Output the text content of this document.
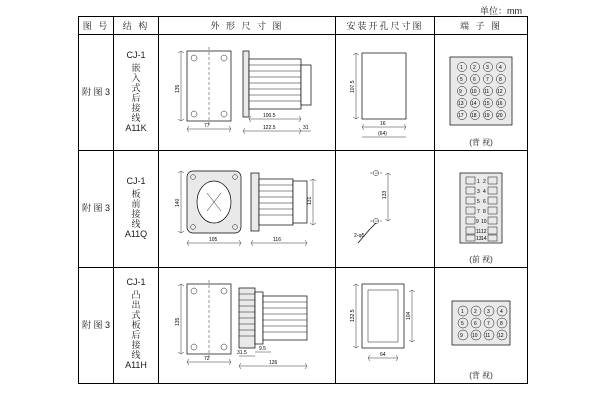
单位：mm
图 号	结 构	外 形 尺 寸 图	安装开孔尺寸图	端 子 图
附 图 3	
CJ-1
嵌入式后接线
A11K

135
77
100.5
122.5	31

107.5
16
(64)

1 2 3 4
5 6 7 8
9 10 11 12
13 14 15 16
17 18 19 20
(背 视)

附 图 3	
CJ-1
板前接线
A11Q

140
105
131
116

133
2-φ5

1 2
3 4
5 6
7 8
9 10
11 12
13 14
(前 视)

附 图 3	
CJ-1
凸出式板后接线
A11H

135
72
31.5
9.5
126

132.5	104
64

1 2 3 4
5 6 7 8
9 10 11 12
(背 视)
